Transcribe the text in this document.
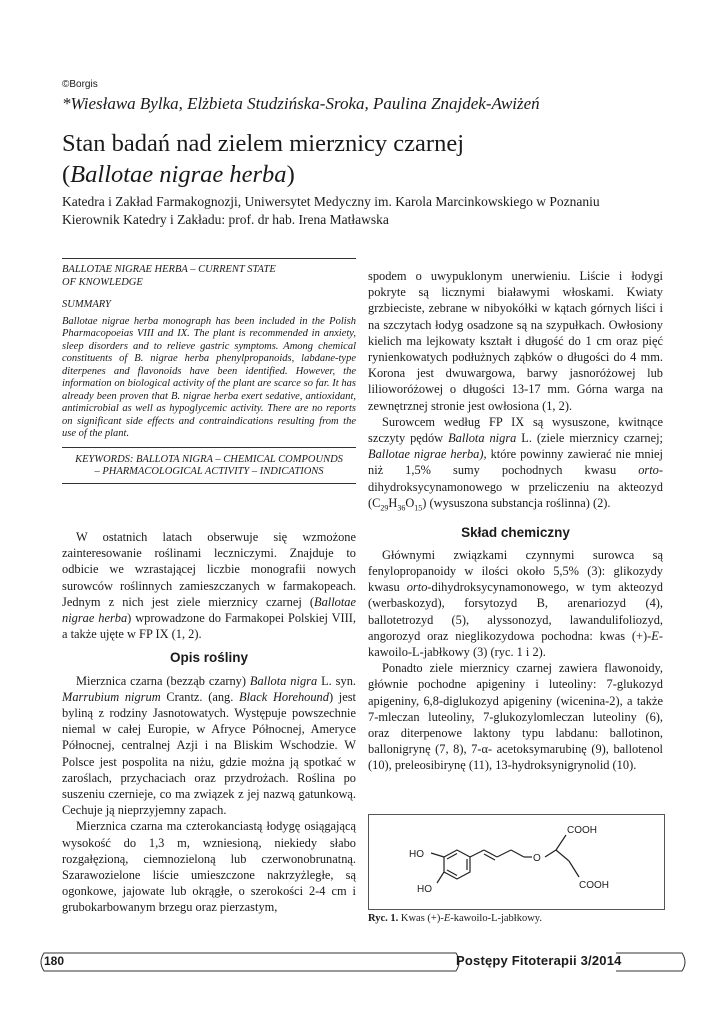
©Borgis
*Wiesława Bylka, Elżbieta Studzińska-Sroka, Paulina Znajdek-Awiżeń
Stan badań nad zielem mierznicy czarnej
(Ballotae nigrae herba)
Katedra i Zakład Farmakognozji, Uniwersytet Medyczny im. Karola Marcinkowskiego w Poznaniu
Kierownik Katedry i Zakładu: prof. dr hab. Irena Matławska
BALLOTAE NIGRAE HERBA – CURRENT STATE
OF KNOWLEDGE
SUMMARY
Ballotae nigrae herba monograph has been included in the Polish Pharmacopoeias VIII and IX. The plant is recommended in anxiety, sleep disorders and to relieve gastric symptoms. Among chemical constituents of B. nigrae herba phenylpropanoids, labdane-type diterpenes and flavonoids have been identified. However, the information on biological activity of the plant are scarce so far. It has already been proven that B. nigrae herba exert sedative, antioxidant, antimicrobial as well as hypoglycemic activity. There are no reports on significant side effects and contraindications resulting from the use of the plant.
KEYWORDS: BALLOTA NIGRA – CHEMICAL COMPOUNDS
– PHARMACOLOGICAL ACTIVITY – INDICATIONS

W ostatnich latach obserwuje się wzmożone zainteresowanie roślinami leczniczymi. Znajduje to odbicie we wzrastającej liczbie monografii nowych surowców roślinnych zamieszczanych w farmakopeach. Jednym z nich jest ziele mierznicy czarnej (Ballotae nigrae herba) wprowadzone do Farmakopei Polskiej VIII, a także ujęte w FP IX (1, 2).

Opis rośliny

Mierznica czarna (bezząb czarny) Ballota nigra L. syn. Marrubium nigrum Crantz. (ang. Black Horehound) jest byliną z rodziny Jasnotowatych. Występuje powszechnie niemal w całej Europie, w Afryce Północnej, Ameryce Północnej, centralnej Azji i na Bliskim Wschodzie. W Polsce jest pospolita na niżu, gdzie można ją spotkać w zaroślach, przychaciach oraz przydrożach. Roślina po suszeniu czernieje, co ma związek z jej nazwą gatunkową. Cechuje ją nieprzyjemny zapach.

Mierznica czarna ma czterokanciastą łodygę osiągającą wysokość do 1,3 m, wzniesioną, niekiedy słabo rozgałęzioną, ciemnozieloną lub czerwonobrunatną. Szarawozielone liście umieszczone nakrzyżległe, są ogonkowe, jajowate lub okrągłe, o szerokości 2-4 cm i grubokarbowanym brzegu oraz pierzastym,

spodem o uwypuklonym unerwieniu. Liście i łodygi pokryte są licznymi białawymi włoskami. Kwiaty grzbieciste, zebrane w nibyokółki w kątach górnych liści i na szczytach łodyg osadzone są na szypułkach. Owłosiony kielich ma lejkowaty kształt i długość do 1 cm oraz pięć rynienkowatych podłużnych ząbków o długości do 4 mm. Korona jest dwuwargowa, barwy jasnoróżowej lub lilioworóżowej o długości 13-17 mm. Górna warga na zewnętrznej stronie jest owłosiona (1, 2).

Surowcem według FP IX są wysuszone, kwitnące szczyty pędów Ballota nigra L. (ziele mierznicy czarnej; Ballotae nigrae herba), które powinny zawierać nie mniej niż 1,5% sumy pochodnych kwasu orto-dihydroksycynamonowego w przeliczeniu na akteozyd $(C_{29}H_{36}O_{15})$ (wysuszona substancja roślinna) (2).

Skład chemiczny

Głównymi związkami czynnymi surowca są fenylopropanoidy w ilości około 5,5% (3): glikozydy kwasu orto-dihydroksycynamonowego, w tym akteozyd (werbaskozyd), forsytozyd B, arenariozyd (4), ballotetrozyd (5), alyssonozyd, lawandulifoliozyd, angorozyd oraz nieglikozydowa pochodna: kwas (+)-E-kawoilo-L-jabłkowy (3) (ryc. 1 i 2).

Ponadto ziele mierznicy czarnej zawiera flawonoidy, głównie pochodne apigeniny i luteoliny: 7-glukozyd apigeniny, 6,8-diglukozyd apigeniny (wicenina-2), a także 7-mleczan luteoliny, 7-glukozylomleczan luteoliny (6), oraz diterpenowe laktony typu labdanu: ballotinon, ballonigrynę (7, 8), 7-α- acetoksymarubinę (9), ballotenol (10), preleosibirynę (11), 13-hydroksynigrynolid (10).

O
HO
HO
COOH
COOH
Ryc. 1. Kwas (+)-E-kawoilo-L-jabłkowy.
180	Postępy Fitoterapii 3/2014
